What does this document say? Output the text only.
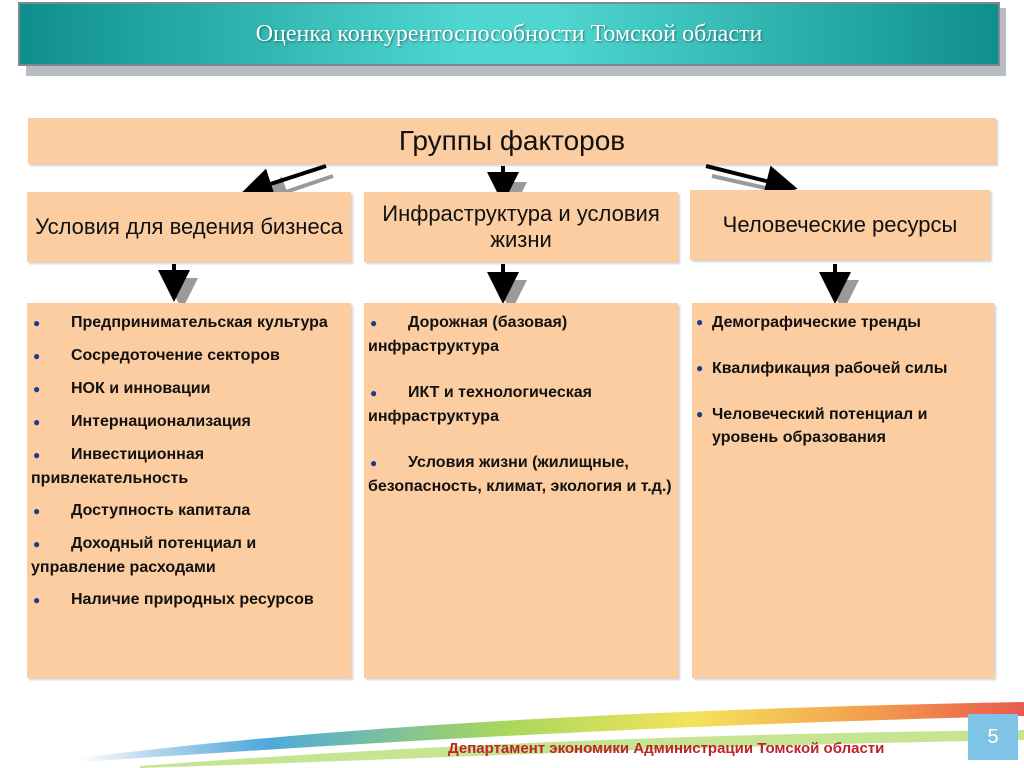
Оценка конкурентоспособности Томской области
Группы факторов
Условия для ведения бизнеса
Инфраструктура и условия жизни
Человеческие ресурсы
● Предпринимательская культура
● Сосредоточение секторов
● НОК и инновации
● Интернационализация
● Инвестиционная привлекательность
● Доступность капитала
● Доходный потенциал и управление расходами
● Наличие природных ресурсов
● Дорожная (базовая) инфраструктура
● ИКТ и технологическая инфраструктура
● Условия жизни (жилищные, безопасность, климат, экология и т.д.)
● Демографические тренды
● Квалификация рабочей силы
● Человеческий потенциал и уровень образования
Департамент экономики Администрации Томской области
5
